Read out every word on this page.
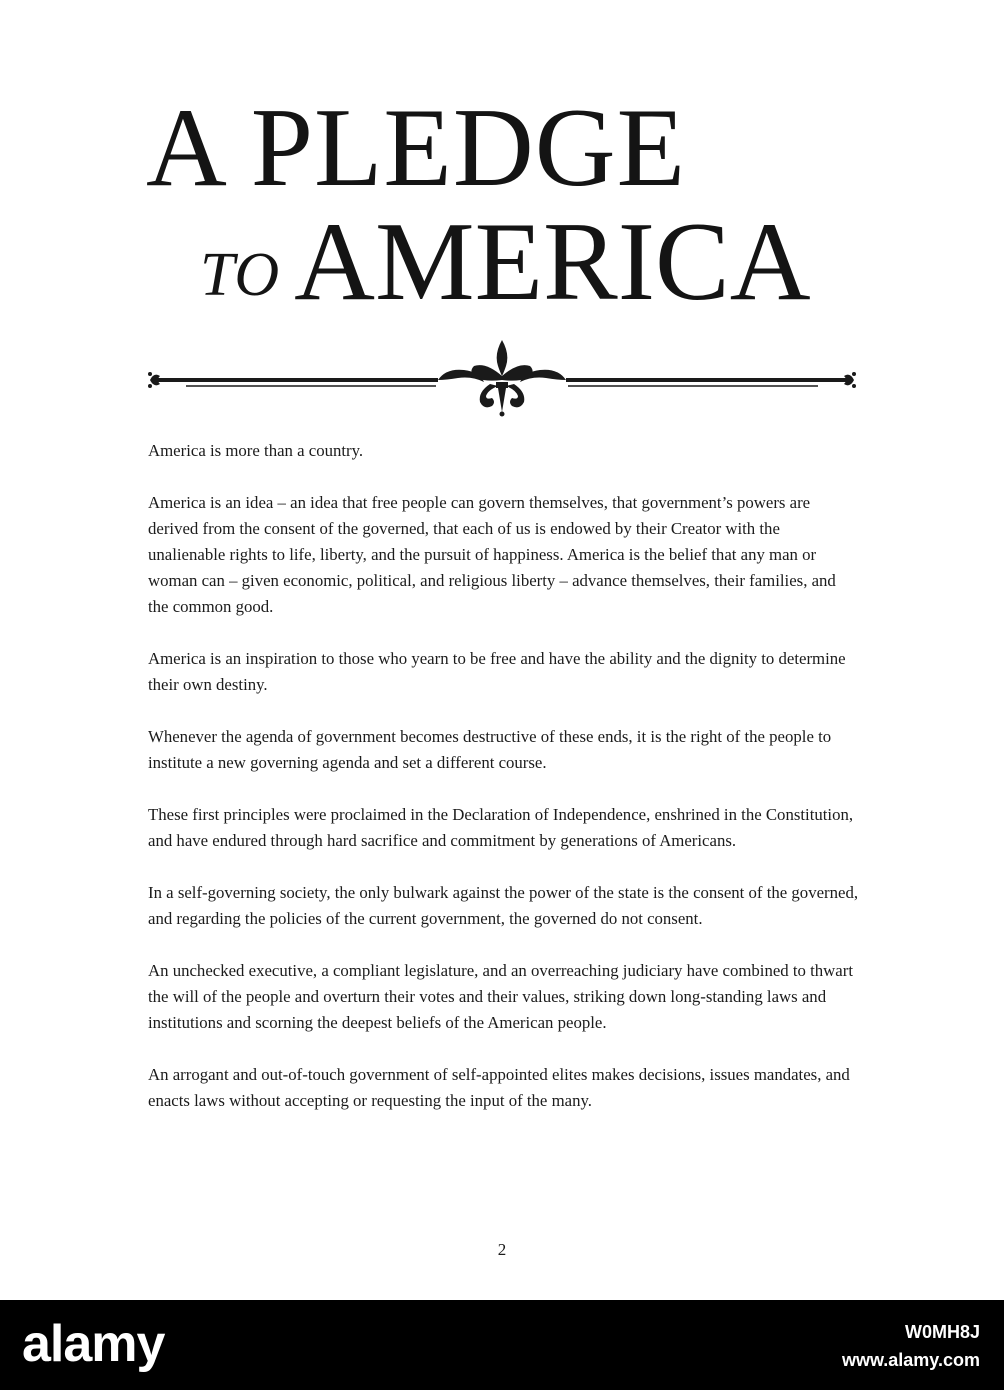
A PLEDGE
TO AMERICA

America is more than a country.

America is an idea – an idea that free people can govern themselves, that government’s powers are derived from the consent of the governed, that each of us is endowed by their Creator with the unalienable rights to life, liberty, and the pursuit of happiness. America is the belief that any man or woman can – given economic, political, and religious liberty – advance themselves, their families, and the common good.

America is an inspiration to those who yearn to be free and have the ability and the dignity to determine their own destiny.

Whenever the agenda of government becomes destructive of these ends, it is the right of the people to institute a new governing agenda and set a different course.

These first principles were proclaimed in the Declaration of Independence, enshrined in the Constitution, and have endured through hard sacrifice and commitment by generations of Americans.

In a self-governing society, the only bulwark against the power of the state is the consent of the governed, and regarding the policies of the current government, the governed do not consent.

An unchecked executive, a compliant legislature, and an overreaching judiciary have combined to thwart the will of the people and overturn their votes and their values, striking down long-standing laws and institutions and scorning the deepest beliefs of the American people.

An arrogant and out-of-touch government of self-appointed elites makes decisions, issues mandates, and enacts laws without accepting or requesting the input of the many.

2
alamy	W0MH8J
www.alamy.com
